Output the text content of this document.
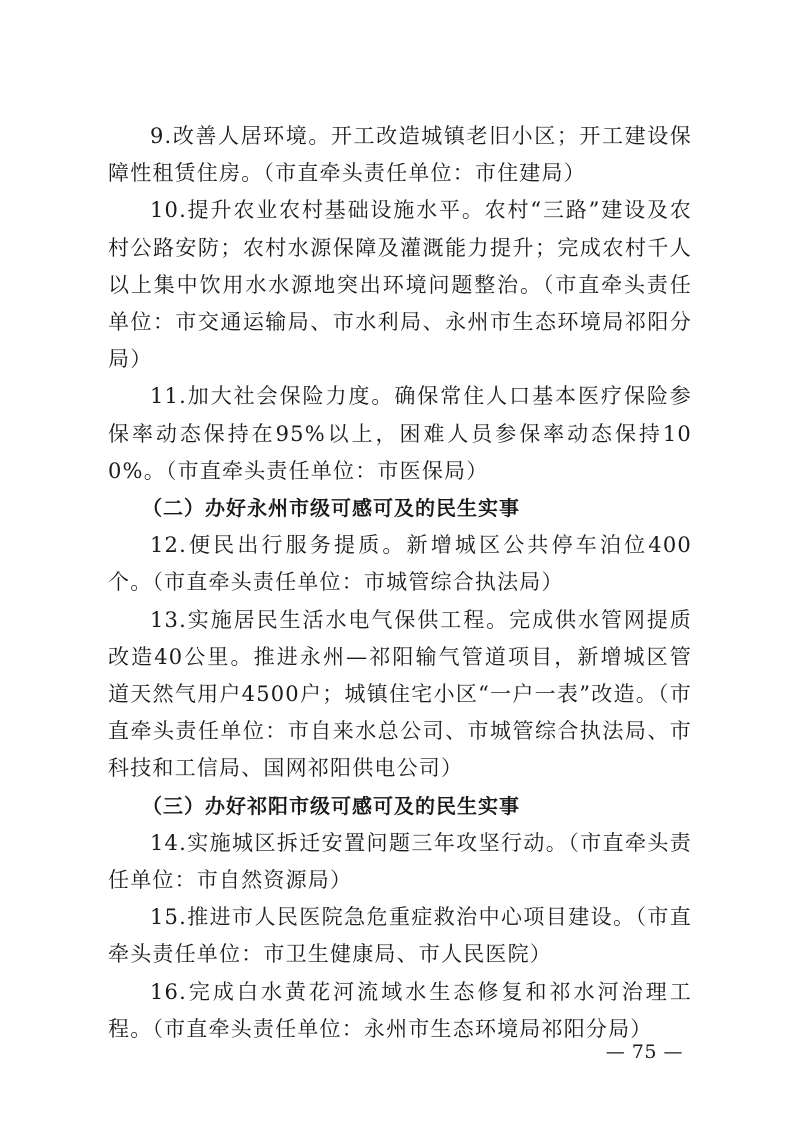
9.改善人居环境。开工改造城镇老旧小区；开工建设保障性租赁住房。（市直牵头责任单位：市住建局）

10.提升农业农村基础设施水平。农村“三路”建设及农村公路安防；农村水源保障及灌溉能力提升；完成农村千人以上集中饮用水水源地突出环境问题整治。（市直牵头责任单位：市交通运输局、市水利局、永州市生态环境局祁阳分局）

11.加大社会保险力度。确保常住人口基本医疗保险参保率动态保持在95%以上，困难人员参保率动态保持100%。（市直牵头责任单位：市医保局）

（二）办好永州市级可感可及的民生实事

12.便民出行服务提质。新增城区公共停车泊位400个。（市直牵头责任单位：市城管综合执法局）

13.实施居民生活水电气保供工程。完成供水管网提质改造40公里。推进永州—祁阳输气管道项目，新增城区管道天然气用户4500户；城镇住宅小区“一户一表”改造。（市直牵头责任单位：市自来水总公司、市城管综合执法局、市科技和工信局、国网祁阳供电公司）

（三）办好祁阳市级可感可及的民生实事

14.实施城区拆迁安置问题三年攻坚行动。（市直牵头责任单位：市自然资源局）

15.推进市人民医院急危重症救治中心项目建设。（市直牵头责任单位：市卫生健康局、市人民医院）

16.完成白水黄花河流域水生态修复和祁水河治理工程。（市直牵头责任单位：永州市生态环境局祁阳分局）

— 75 —
